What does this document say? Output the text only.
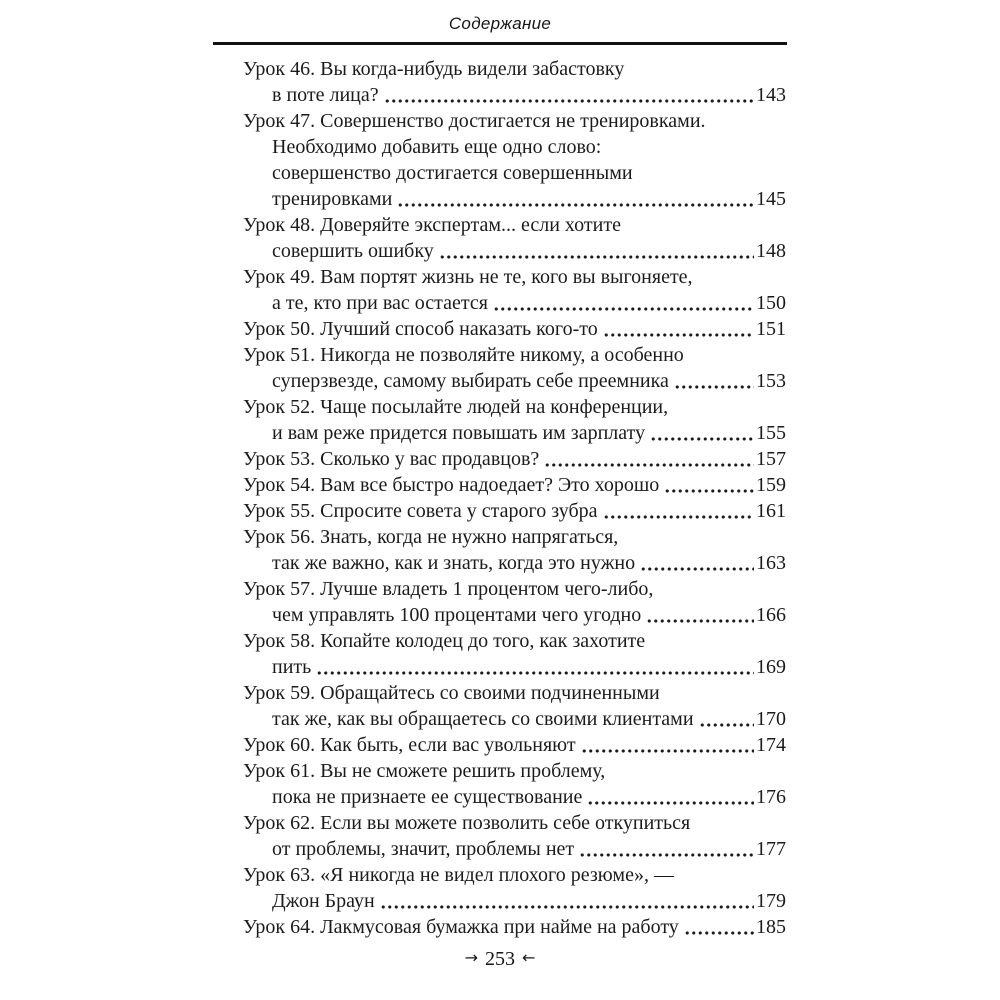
Содержание
Урок 46. Вы когда-нибудь видели забастовку
в поте лица?	143
Урок 47. Совершенство достигается не тренировками.
Необходимо добавить еще одно слово:
совершенство достигается совершенными
тренировками	145
Урок 48. Доверяйте экспертам... если хотите
совершить ошибку	148
Урок 49. Вам портят жизнь не те, кого вы выгоняете,
а те, кто при вас остается	150
Урок 50. Лучший способ наказать кого-то	151
Урок 51. Никогда не позволяйте никому, а особенно
суперзвезде, самому выбирать себе преемника	153
Урок 52. Чаще посылайте людей на конференции,
и вам реже придется повышать им зарплату	155
Урок 53. Сколько у вас продавцов?	157
Урок 54. Вам все быстро надоедает? Это хорошо	159
Урок 55. Спросите совета у старого зубра	161
Урок 56. Знать, когда не нужно напрягаться,
так же важно, как и знать, когда это нужно	163
Урок 57. Лучше владеть 1 процентом чего-либо,
чем управлять 100 процентами чего угодно	166
Урок 58. Копайте колодец до того, как захотите
пить	169
Урок 59. Обращайтесь со своими подчиненными
так же, как вы обращаетесь со своими клиентами	170
Урок 60. Как быть, если вас увольняют	174
Урок 61. Вы не сможете решить проблему,
пока не признаете ее существование	176
Урок 62. Если вы можете позволить себе откупиться
от проблемы, значит, проблемы нет	177
Урок 63. «Я никогда не видел плохого резюме», —
Джон Браун	179
Урок 64. Лакмусовая бумажка при найме на работу	185
→ 253 ←
